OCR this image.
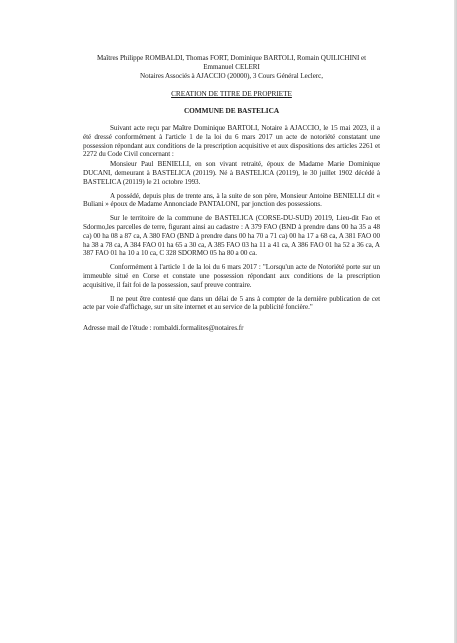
Maîtres Philippe ROMBALDI, Thomas FORT, Dominique BARTOLI, Romain QUILICHINI et
Emmanuel CELERI
Notaires Associés à AJACCIO (20000), 3 Cours Général Leclerc,
CREATION DE TITRE DE PROPRIETE
COMMUNE DE BASTELICA

Suivant acte reçu par Maître Dominique BARTOLI, Notaire à AJACCIO, le 15 mai 2023, il a été dressé conformément à l'article 1 de la loi du 6 mars 2017 un acte de notoriété constatant une possession répondant aux conditions de la prescription acquisitive et aux dispositions des articles 2261 et 2272 du Code Civil concernant :

Monsieur Paul BENIELLI, en son vivant retraité, époux de Madame Marie Dominique DUCANI, demeurant à BASTELICA (20119). Né à BASTELICA (20119), le 30 juillet 1902 décédé à BASTELICA (20119) le 21 octobre 1993.

A possédé, depuis plus de trente ans, à la suite de son père, Monsieur Antoine BENIELLI dit « Buliani » époux de Madame Annonciade PANTALONI, par jonction des possessions.

Sur le territoire de la commune de BASTELICA (CORSE-DU-SUD) 20119, Lieu-dit Fao et Sdormo,les parcelles de terre, figurant ainsi au cadastre : A 379 FAO (BND à prendre dans 00 ha 35 a 48 ca) 00 ha 08 a 87 ca, A 380 FAO (BND à prendre dans 00 ha 70 a 71 ca) 00 ha 17 a 68 ca, A 381 FAO 00 ha 38 a 78 ca, A 384 FAO 01 ha 65 a 30 ca, A 385 FAO 03 ha 11 a 41 ca, A 386 FAO 01 ha 52 a 36 ca, A 387 FAO 01 ha 10 a 10 ca, C 328 SDORMO 05 ha 80 a 00 ca.

Conformément à l'article 1 de la loi du 6 mars 2017 : "Lorsqu'un acte de Notoriété porte sur un immeuble situé en Corse et constate une possession répondant aux conditions de la prescription acquisitive, il fait foi de la possession, sauf preuve contraire.

Il ne peut être contesté que dans un délai de 5 ans à compter de la dernière publication de cet acte par voie d'affichage, sur un site internet et au service de la publicité foncière."

Adresse mail de l'étude : rombaldi.formalites@notaires.fr
